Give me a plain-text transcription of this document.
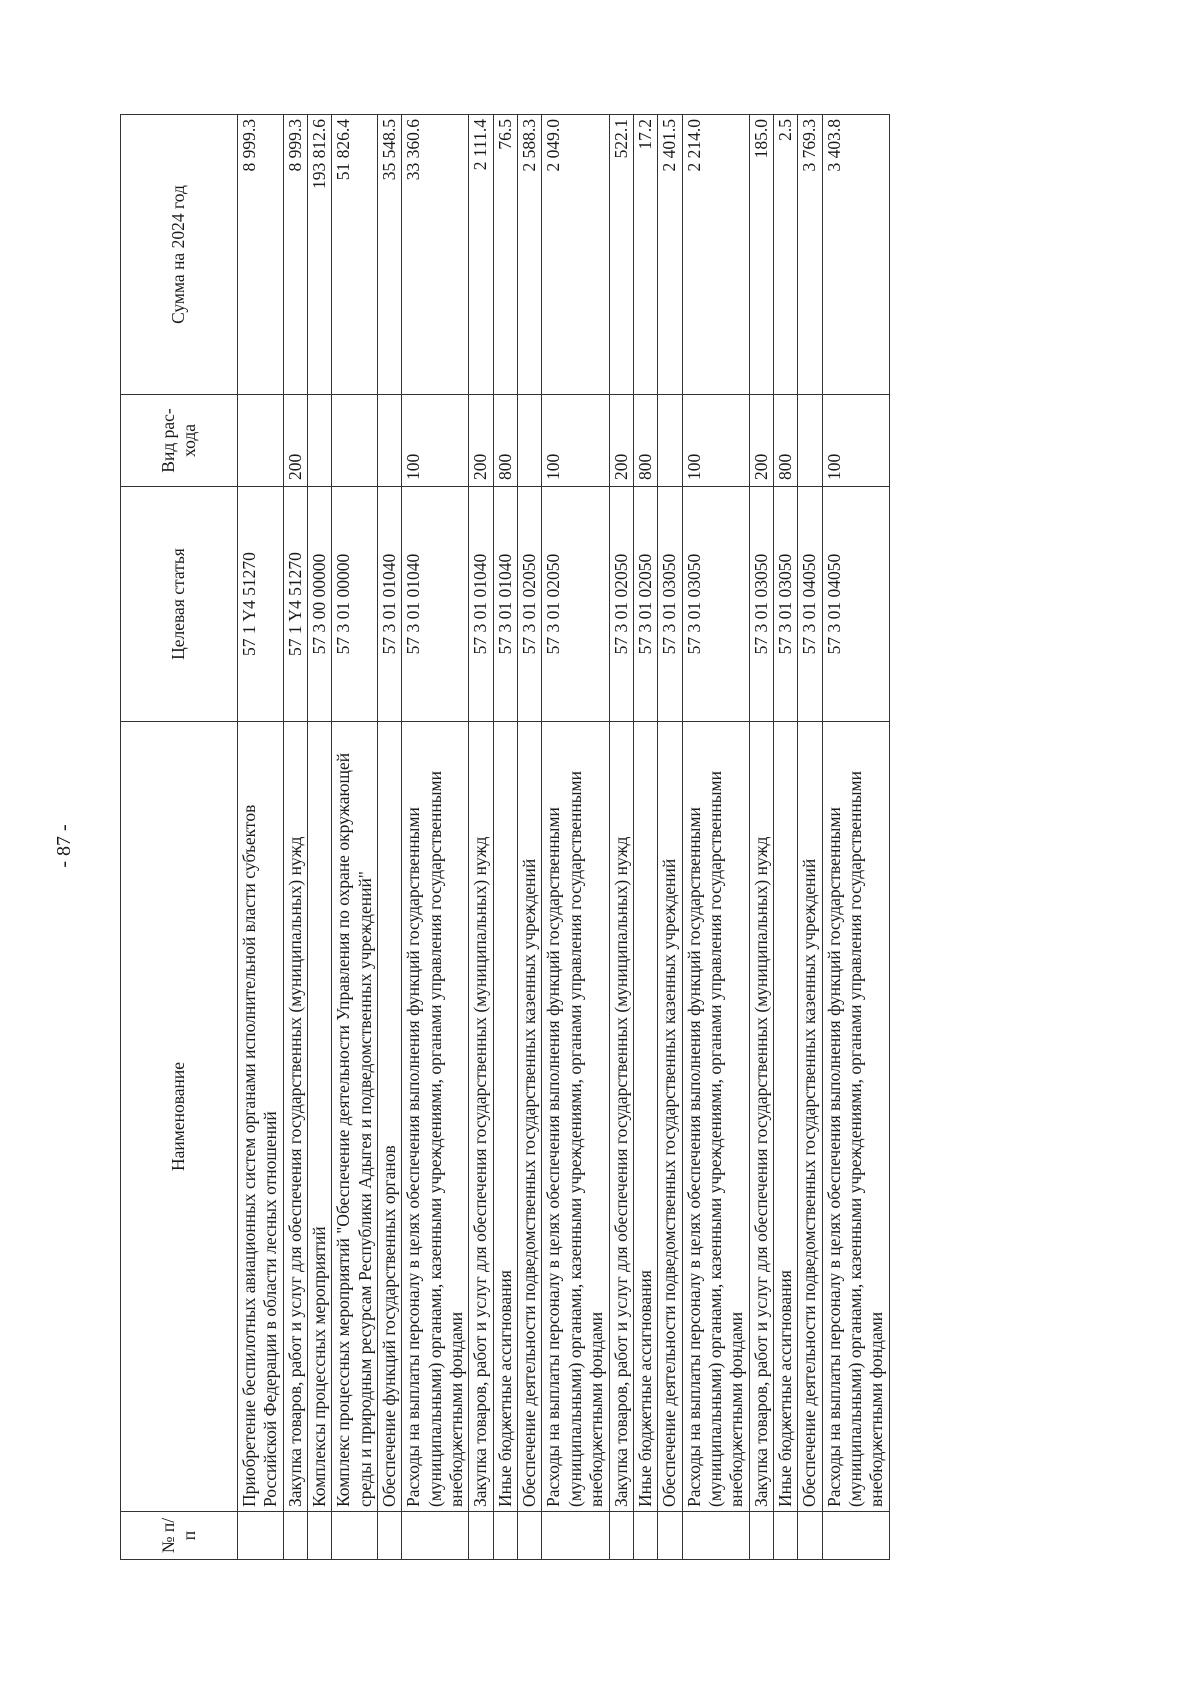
- 87 -
№ п/п	Наименование	Целевая статья	Вид рас- хода	Сумма на 2024 год
	Приобретение беспилотных авиационных систем органами исполнительной власти субъектов Российской Федерации в области лесных отношений	57 1 Y4 51270		8 999.3
	Закупка товаров, работ и услуг для обеспечения государственных (муниципальных) нужд	57 1 Y4 51270	200	8 999.3
	Комплексы процессных мероприятий	57 3 00 00000		193 812.6
	Комплекс процессных мероприятий "Обеспечение деятельности Управления по охране окружающей среды и природным ресурсам Республики Адыгея и подведомственных учреждений"	57 3 01 00000		51 826.4
	Обеспечение функций государственных органов	57 3 01 01040		35 548.5
	Расходы на выплаты персоналу в целях обеспечения выполнения функций государственными (муниципальными) органами, казенными учреждениями, органами управления государственными внебюджетными фондами	57 3 01 01040	100	33 360.6
	Закупка товаров, работ и услуг для обеспечения государственных (муниципальных) нужд	57 3 01 01040	200	2 111.4
	Иные бюджетные ассигнования	57 3 01 01040	800	76.5
	Обеспечение деятельности подведомственных государственных казенных учреждений	57 3 01 02050		2 588.3
	Расходы на выплаты персоналу в целях обеспечения выполнения функций государственными (муниципальными) органами, казенными учреждениями, органами управления государственными внебюджетными фондами	57 3 01 02050	100	2 049.0
	Закупка товаров, работ и услуг для обеспечения государственных (муниципальных) нужд	57 3 01 02050	200	522.1
	Иные бюджетные ассигнования	57 3 01 02050	800	17.2
	Обеспечение деятельности подведомственных государственных казенных учреждений	57 3 01 03050		2 401.5
	Расходы на выплаты персоналу в целях обеспечения выполнения функций государственными (муниципальными) органами, казенными учреждениями, органами управления государственными внебюджетными фондами	57 3 01 03050	100	2 214.0
	Закупка товаров, работ и услуг для обеспечения государственных (муниципальных) нужд	57 3 01 03050	200	185.0
	Иные бюджетные ассигнования	57 3 01 03050	800	2.5
	Обеспечение деятельности подведомственных государственных казенных учреждений	57 3 01 04050		3 769.3
	Расходы на выплаты персоналу в целях обеспечения выполнения функций государственными (муниципальными) органами, казенными учреждениями, органами управления государственными внебюджетными фондами	57 3 01 04050	100	3 403.8
